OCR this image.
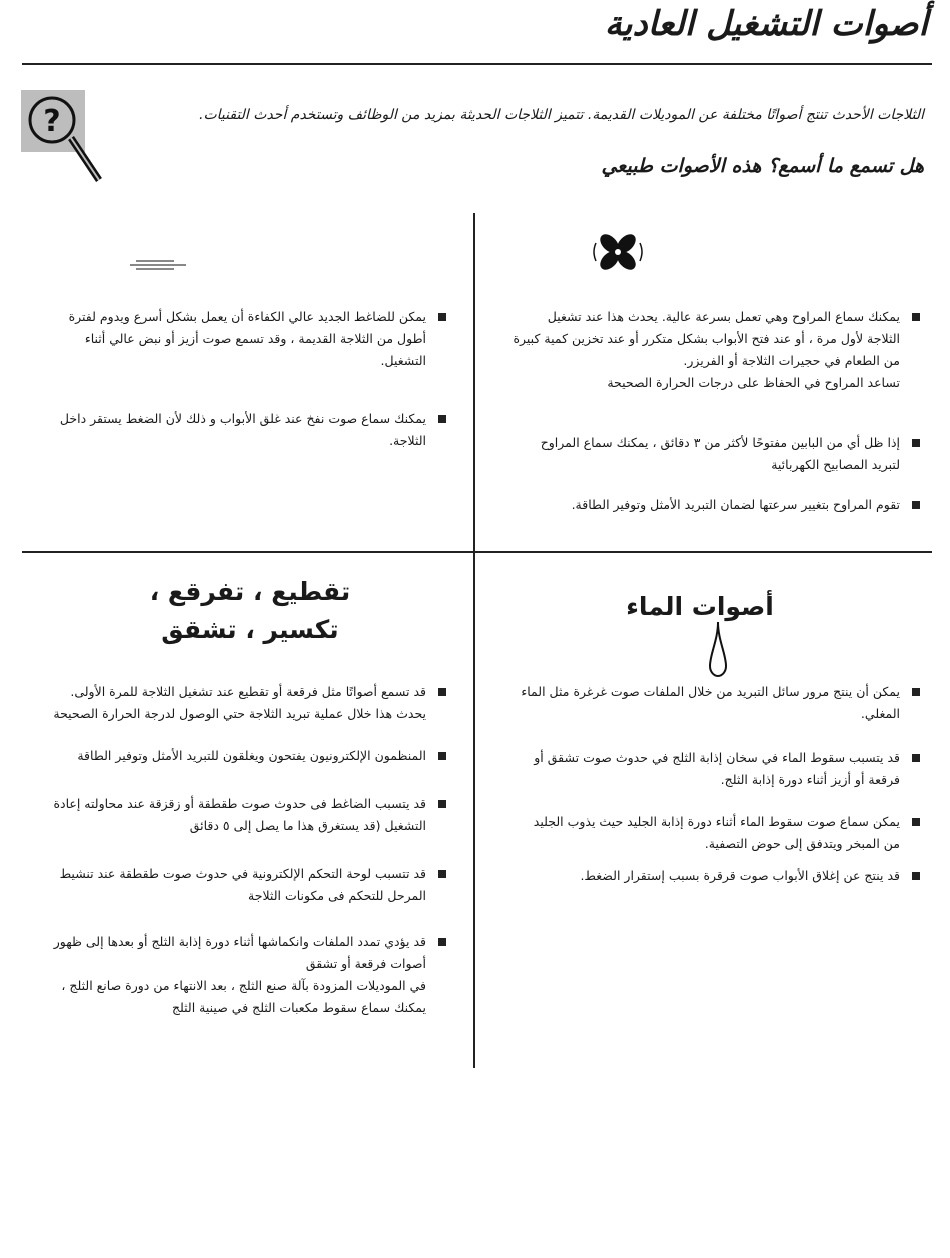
أصوات التشغيل العادية
?	الثلاجات الأحدث تنتج أصواتًا مختلفة عن الموديلات القديمة. تتميز الثلاجات الحديثة بمزيد من الوظائف وتستخدم أحدث التقنيات.
هل تسمع ما أسمع؟ هذه الأصوات طبيعي
يمكنك سماع المراوح وهي تعمل بسرعة عالية. يحدث هذا عند تشغيل الثلاجة لأول مرة ، أو عند فتح الأبواب بشكل متكرر أو عند تخزين كمية كبيرة من الطعام في حجيرات الثلاجة أو الفريزر.
تساعد المراوح في الحفاظ على درجات الحرارة الصحيحة
إذا ظل أي من البابين مفتوحًا لأكثر من ٣ دقائق ، يمكنك سماع المراوح لتبريد المصابيح الكهربائية
تقوم المراوح بتغيير سرعتها لضمان التبريد الأمثل وتوفير الطاقة.
يمكن للضاغط الجديد عالي الكفاءة أن يعمل بشكل أسرع ويدوم لفترة أطول من الثلاجة القديمة ، وقد تسمع صوت أزيز أو نبض عالي أثناء التشغيل.
يمكنك سماع صوت نفخ عند غلق الأبواب و ذلك لأن الضغط يستقر داخل الثلاجة.
أصوات الماء
يمكن أن ينتج مرور سائل التبريد من خلال الملفات صوت غرغرة مثل الماء المغلي.
قد يتسبب سقوط الماء في سخان إذابة الثلج في حدوث صوت تشقق أو فرقعة أو أزيز أثناء دورة إذابة الثلج.
يمكن سماع صوت سقوط الماء أثناء دورة إذابة الجليد حيث يذوب الجليد من المبخر ويتدفق إلى حوض التصفية.
قد ينتج عن إغلاق الأبواب صوت قرقرة بسبب إستقرار الضغط.
تقطيع ، تفرقع ،
تكسير ، تشقق
قد تسمع أصواتًا مثل فرقعة أو تقطيع عند تشغيل الثلاجة للمرة الأولى.
يحدث هذا خلال عملية تبريد الثلاجة حتي الوصول لدرجة الحرارة الصحيحة
المنظمون الإلكترونيون يفتحون ويغلقون للتبريد الأمثل وتوفير الطاقة
قد يتسبب الضاغط فى حدوث صوت طقطقة أو زقزقة عند محاولته إعادة التشغيل (قد يستغرق هذا ما يصل إلى ٥ دقائق
قد تتسبب لوحة التحكم الإلكترونية في حدوث صوت طقطقة عند تنشيط المرحل للتحكم فى مكونات الثلاجة
قد يؤدي تمدد الملفات وانكماشها أثناء دورة إذابة الثلج أو بعدها إلى ظهور أصوات فرقعة أو تشقق
في الموديلات المزودة بآلة صنع الثلج ، بعد الانتهاء من دورة صانع الثلج ، يمكنك سماع سقوط مكعبات الثلج في صينية الثلج
